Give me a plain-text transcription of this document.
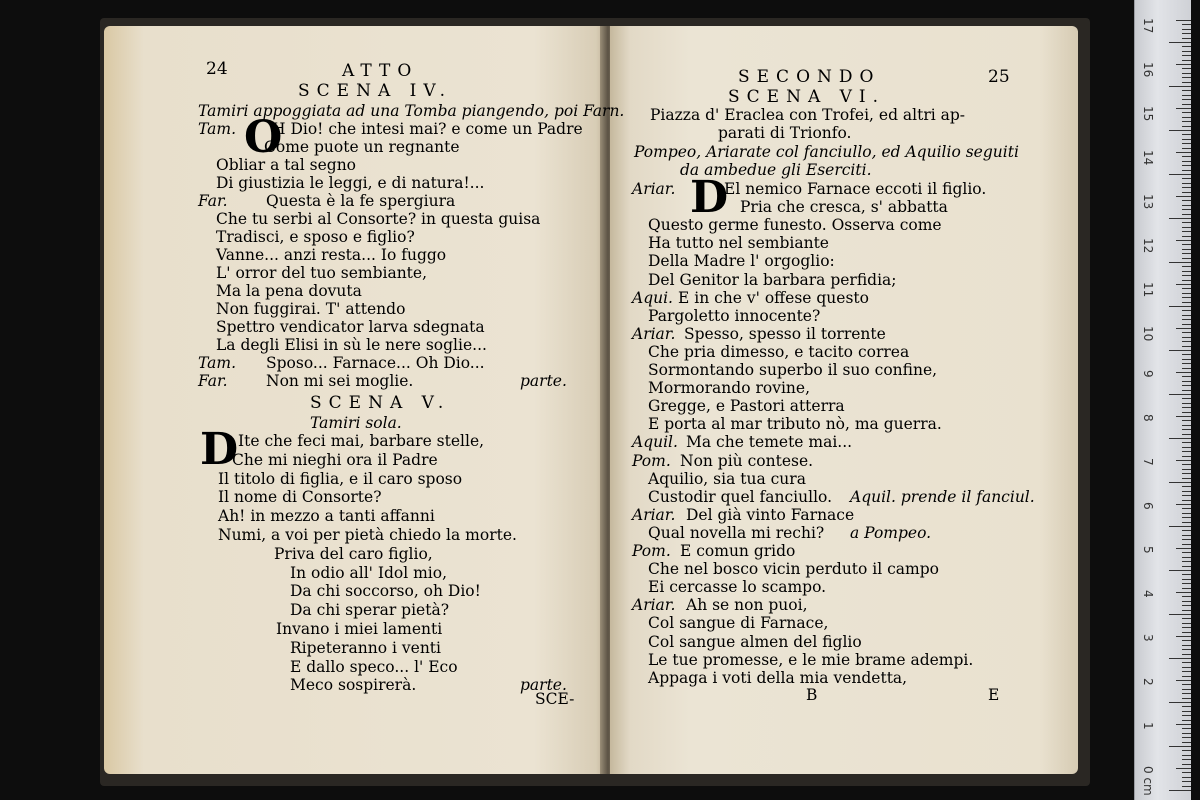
24	ATTO
SCENA IV.
Tamiri appoggiata ad una Tomba piangendo, poi Farn.
SCENA V.
Tamiri sola.
SCE-
SECONDO	25
SCENA VI.
Piazza d' Eraclea con Trofei, ed altri ap-
parati di Trionfo.
Pompeo, Ariarate col fanciullo, ed Aquilio seguiti
da ambedue gli Eserciti.
B	E
17
16
15
14
13
12
11
10
9
8
7
6
5
4
3
2
1
0 cm
Tam. O
H Dio! che intesi mai? e come un Padre
Come puote un regnante
Obliar a tal segno
Di giustizia le leggi, e di natura!...
Far. Questa è la fe spergiura
Che tu serbi al Consorte? in questa guisa
Tradisci, e sposo e figlio?
Vanne... anzi resta... Io fuggo
L' orror del tuo sembiante,
Ma la pena dovuta
Non fuggirai. T' attendo
Spettro vendicator larva sdegnata
La degli Elisi in sù le nere soglie...
Tam. Sposo... Farnace... Oh Dio...
Far. Non mi sei moglie.	parte.
D Ite che feci mai, barbare stelle,
Che mi nieghi ora il Padre
Il titolo di figlia, e il caro sposo
Il nome di Consorte?
Ah! in mezzo a tanti affanni
Numi, a voi per pietà chiedo la morte.
Priva del caro figlio,
In odio all' Idol mio,
Da chi soccorso, oh Dio!
Da chi sperar pietà?
Invano i miei lamenti
Ripeteranno i venti
E dallo speco... l' Eco
Meco sospirerà.	parte.
Ariar. D
El nemico Farnace eccoti il figlio.
Pria che cresca, s' abbatta
Questo germe funesto. Osserva come
Ha tutto nel sembiante
Della Madre l' orgoglio:
Del Genitor la barbara perfidia;
Aqui. E in che v' offese questo
Pargoletto innocente?
Ariar. Spesso, spesso il torrente
Che pria dimesso, e tacito correa
Sormontando superbo il suo confine,
Mormorando rovine,
Gregge, e Pastori atterra
E porta al mar tributo nò, ma guerra.
Aquil. Ma che temete mai...
Pom. Non più contese.
Aquilio, sia tua cura
Custodir quel fanciullo. Aquil. prende il fanciul.
Ariar. Del già vinto Farnace
Qual novella mi rechi? a Pompeo.
Pom. E comun grido
Che nel bosco vicin perduto il campo
Ei cercasse lo scampo.
Ariar. Ah se non puoi,
Col sangue di Farnace,
Col sangue almen del figlio
Le tue promesse, e le mie brame adempi.
Appaga i voti della mia vendetta,
